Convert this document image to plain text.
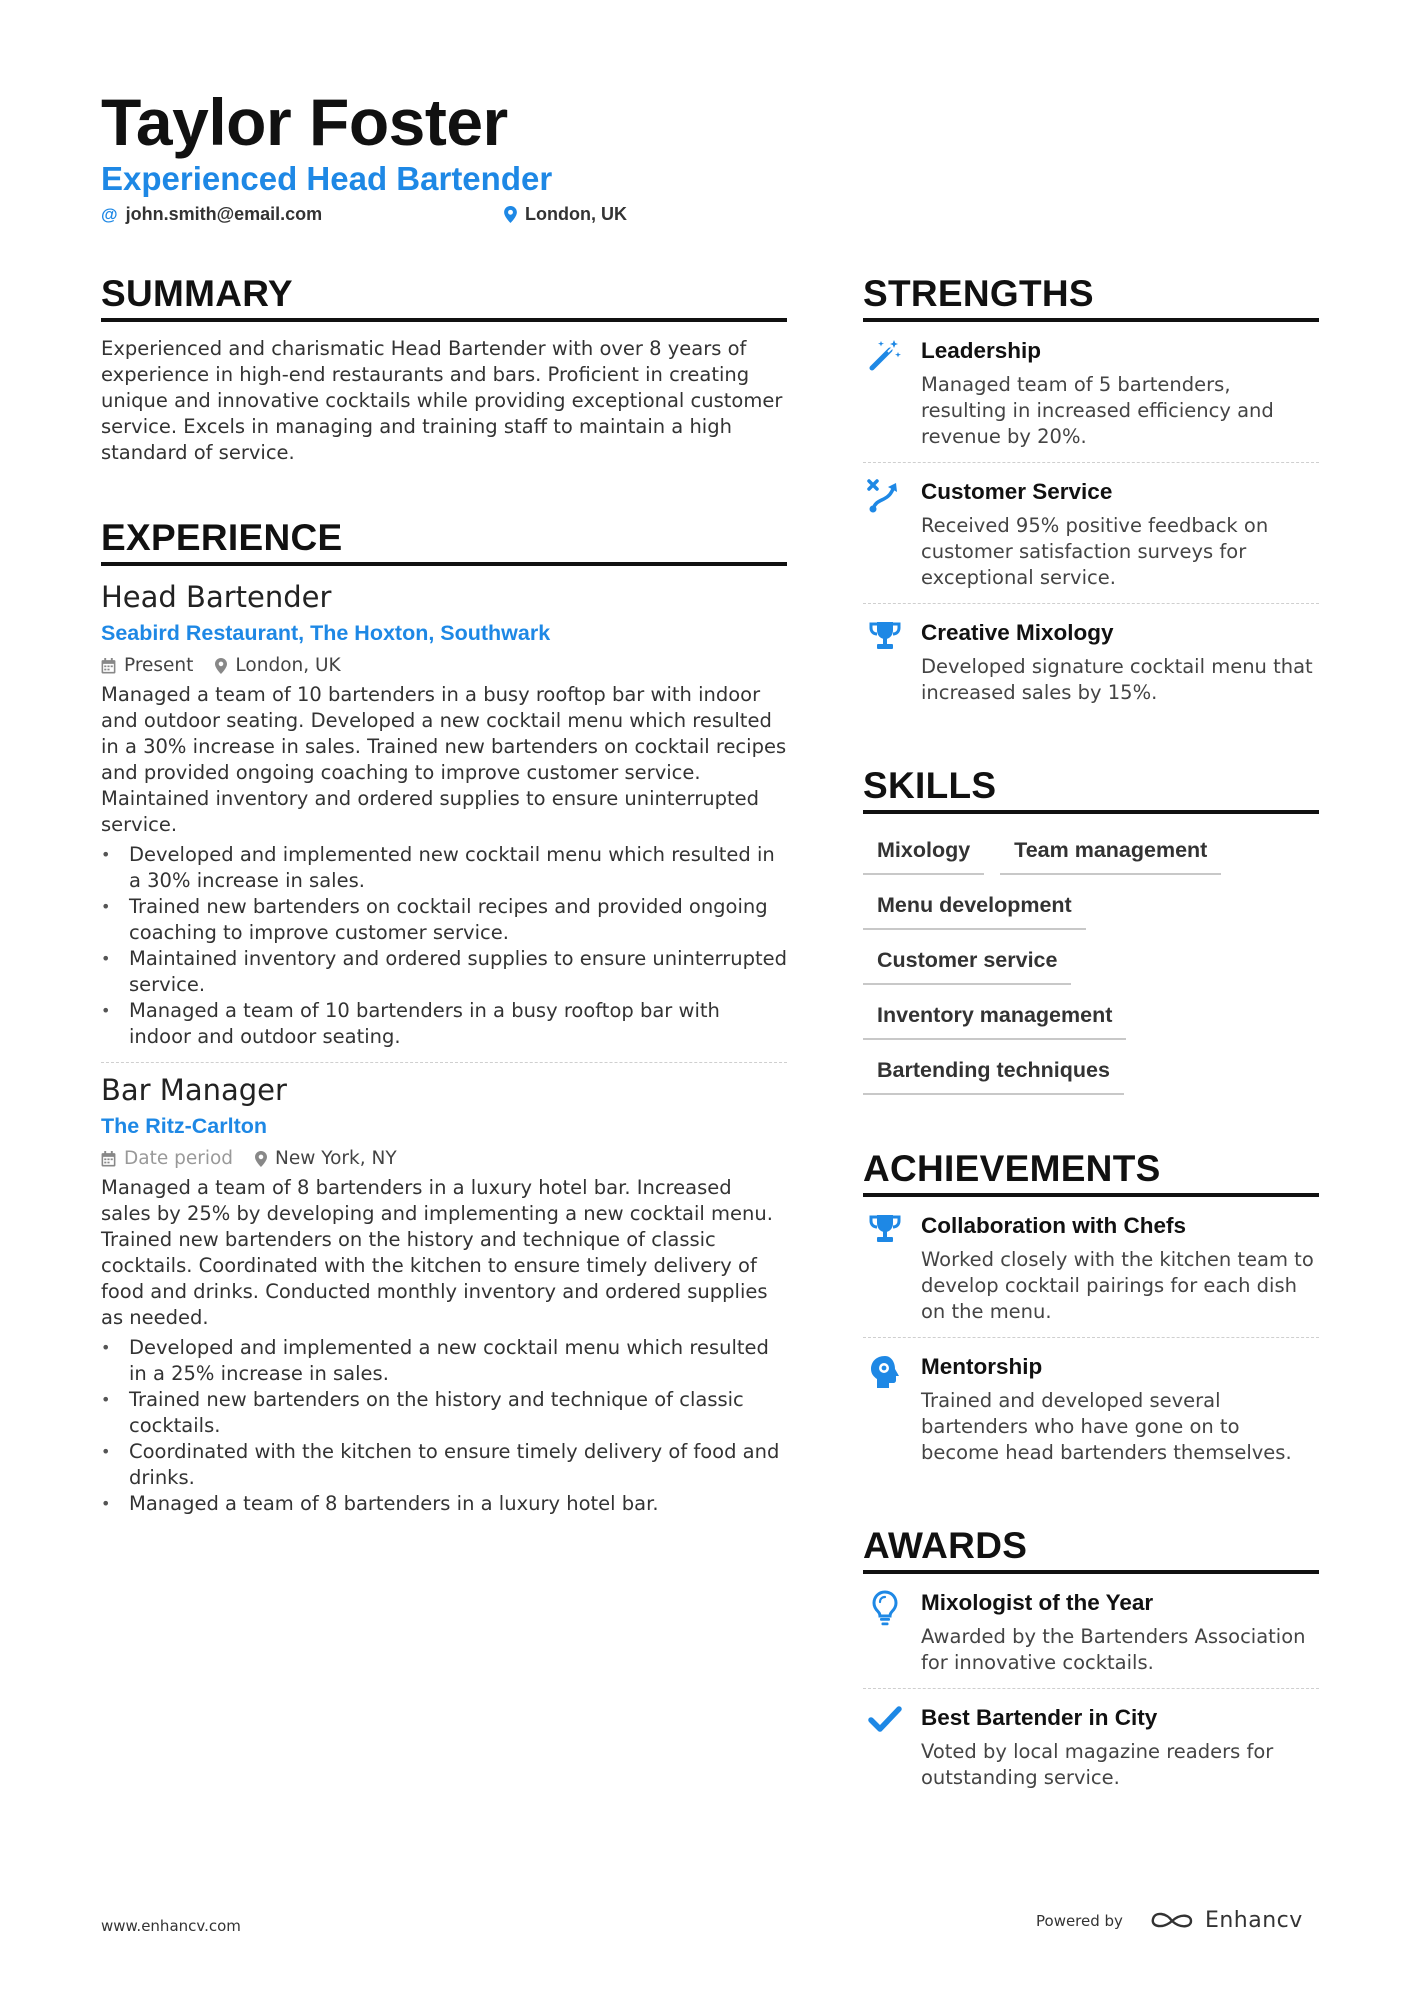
Taylor Foster
Experienced Head Bartender
@ john.smith@email.com	London, UK
SUMMARY
Experienced and charismatic Head Bartender with over 8 years of experience in high-end restaurants and bars. Proficient in creating unique and innovative cocktails while providing exceptional customer service. Excels in managing and training staff to maintain a high standard of service.
EXPERIENCE
Head Bartender
Seabird Restaurant, The Hoxton, Southwark
Present London, UK
Managed a team of 10 bartenders in a busy rooftop bar with indoor and outdoor seating. Developed a new cocktail menu which resulted in a 30% increase in sales. Trained new bartenders on cocktail recipes and provided ongoing coaching to improve customer service. Maintained inventory and ordered supplies to ensure uninterrupted service.
• Developed and implemented new cocktail menu which resulted in a 30% increase in sales.
• Trained new bartenders on cocktail recipes and provided ongoing coaching to improve customer service.
• Maintained inventory and ordered supplies to ensure uninterrupted service.
• Managed a team of 10 bartenders in a busy rooftop bar with indoor and outdoor seating.
Bar Manager
The Ritz-Carlton
Date period New York, NY
Managed a team of 8 bartenders in a luxury hotel bar. Increased sales by 25% by developing and implementing a new cocktail menu. Trained new bartenders on the history and technique of classic cocktails. Coordinated with the kitchen to ensure timely delivery of food and drinks. Conducted monthly inventory and ordered supplies as needed.
• Developed and implemented a new cocktail menu which resulted in a 25% increase in sales.
• Trained new bartenders on the history and technique of classic cocktails.
• Coordinated with the kitchen to ensure timely delivery of food and drinks.
• Managed a team of 8 bartenders in a luxury hotel bar.
STRENGTHS
Leadership
Managed team of 5 bartenders, resulting in increased efficiency and revenue by 20%.
Customer Service
Received 95% positive feedback on customer satisfaction surveys for exceptional service.
Creative Mixology
Developed signature cocktail menu that increased sales by 15%.
SKILLS
Mixology	Team management
Menu development
Customer service
Inventory management
Bartending techniques
ACHIEVEMENTS
Collaboration with Chefs
Worked closely with the kitchen team to develop cocktail pairings for each dish on the menu.
Mentorship
Trained and developed several bartenders who have gone on to become head bartenders themselves.
AWARDS
Mixologist of the Year
Awarded by the Bartenders Association for innovative cocktails.
Best Bartender in City
Voted by local magazine readers for outstanding service.
www.enhancv.com	Powered by	Enhancv
